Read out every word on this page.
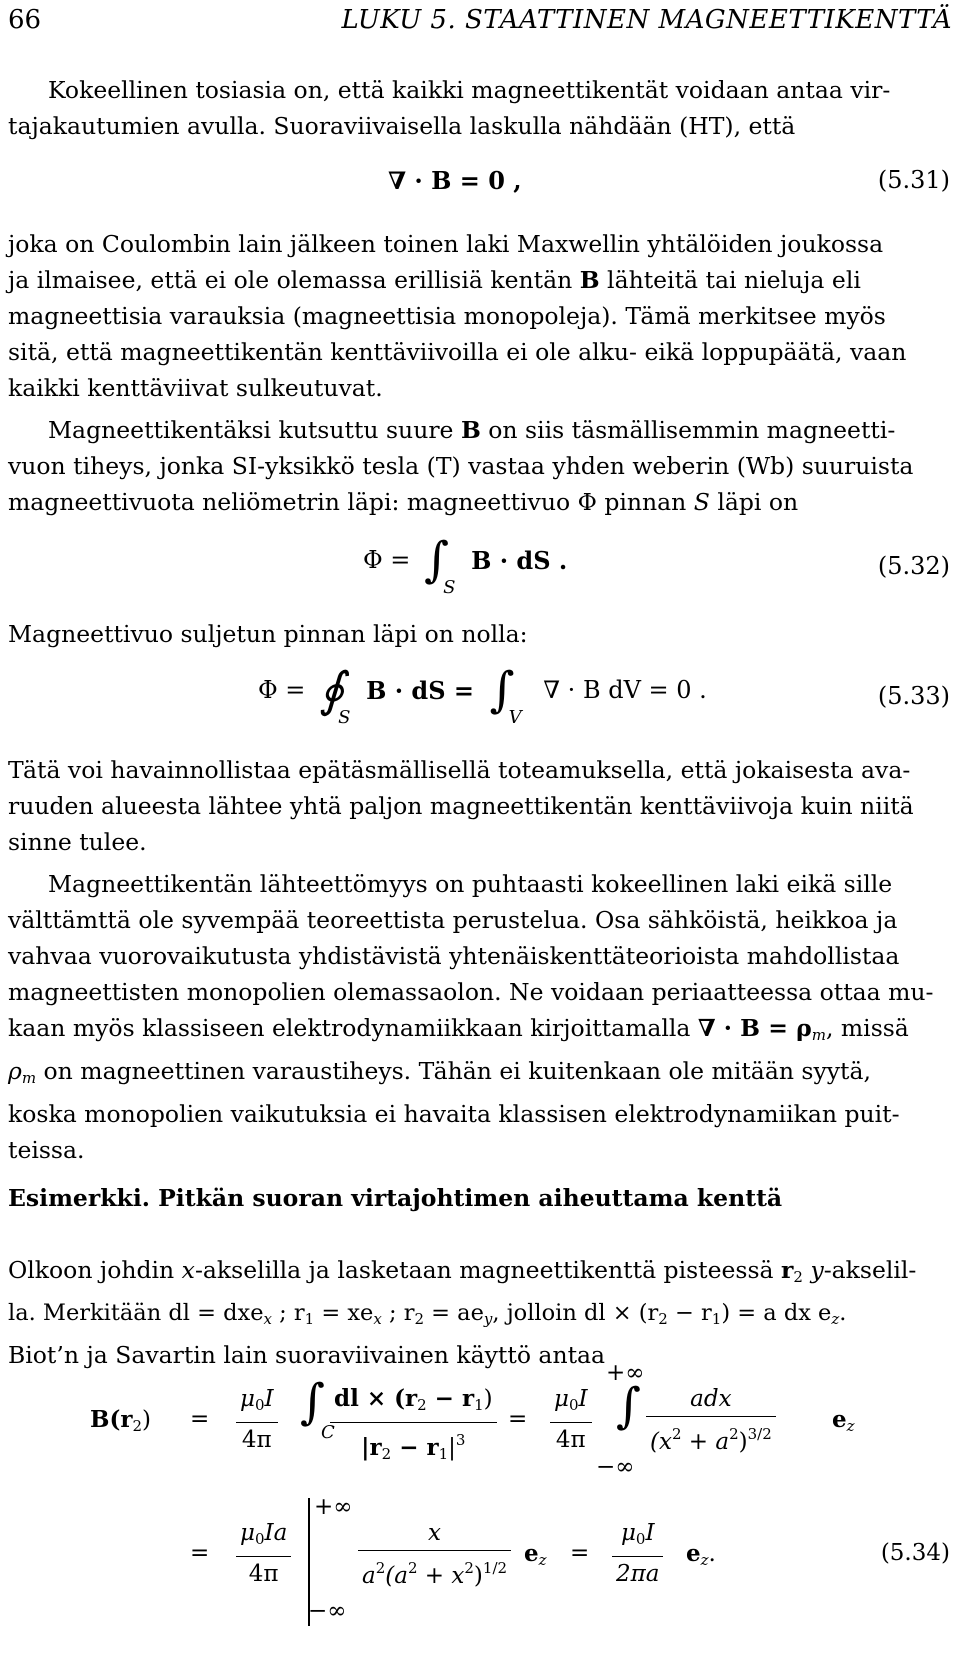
66	LUKU 5. STAATTINEN MAGNEETTIKENTTÄ
Kokeellinen tosiasia on, että kaikki magneettikentät voidaan antaa vir-
tajakautumien avulla. Suoraviivaisella laskulla nähdään (HT), että
∇ · B = 0 ,	(5.31)
joka on Coulombin lain jälkeen toinen laki Maxwellin yhtälöiden joukossa
ja ilmaisee, että ei ole olemassa erillisiä kentän B lähteitä tai nieluja eli
magneettisia varauksia (magneettisia monopoleja). Tämä merkitsee myös
sitä, että magneettikentän kenttäviivoilla ei ole alku- eikä loppupäätä, vaan
kaikki kenttäviivat sulkeutuvat.
Magneettikentäksi kutsuttu suure B on siis täsmällisemmin magneetti-
vuon tiheys, jonka SI-yksikkö tesla (T) vastaa yhden weberin (Wb) suuruista
magneettivuota neliömetrin läpi: magneettivuo Φ pinnan S läpi on
$\Phi = \int_S$ B · dS .	(5.32)
Magneettivuo suljetun pinnan läpi on nolla:
$\Phi = ∮_S$ B · dS = $\int_V$ ∇ · B dV = 0 .	(5.33)
Tätä voi havainnollistaa epätäsmällisellä toteamuksella, että jokaisesta ava-
ruuden alueesta lähtee yhtä paljon magneettikentän kenttäviivoja kuin niitä
sinne tulee.
Magneettikentän lähteettömyys on puhtaasti kokeellinen laki eikä sille
välttämttä ole syvempää teoreettista perustelua. Osa sähköistä, heikkoa ja
vahvaa vuorovaikutusta yhdistävistä yhtenäiskenttäteorioista mahdollistaa
magneettisten monopolien olemassaolon. Ne voidaan periaatteessa ottaa mu-
kaan myös klassiseen elektrodynamiikkaan kirjoittamalla ∇ · $B = \rho_m$, missä
$\rho_m$ on magneettinen varaustiheys. Tähän ei kuitenkaan ole mitään syytä,
koska monopolien vaikutuksia ei havaita klassisen elektrodynamiikan puit-
teissa.
Esimerkki. Pitkän suoran virtajohtimen aiheuttama kenttä
Olkoon johdin x-akselilla ja lasketaan magneettikenttä pisteessä $r_2$ y-akselil-
la. Merkitään dl = dxe$_x$ ; $r_1 = xe_x$ ; $r_2 = ae_y$, jolloin dl × $(r_2 - r_1) = a$ dx $e_z$.
Biot’n ja Savartin lain suoraviivainen käyttö antaa
$B(r_2) = \frac{\mu_0I}{4\pi} \int_C$
$\frac{dl \times (r_2 - r_1)}{|r_2 - r_1|^3} = \frac{\mu_0I}{4\pi}$
+∞
∫
−∞
$\frac{\text{adx}}{(x^2 + a^2)^{3/2}} e_z$
= $\frac{\mu_0Ia}{4\pi}$
+∞
−∞
$\frac{x}{a^2(a^2 + x^2)^{1/2}} e_z = \frac{\mu_0I}{2\pi a} e_z$.	(5.34)
